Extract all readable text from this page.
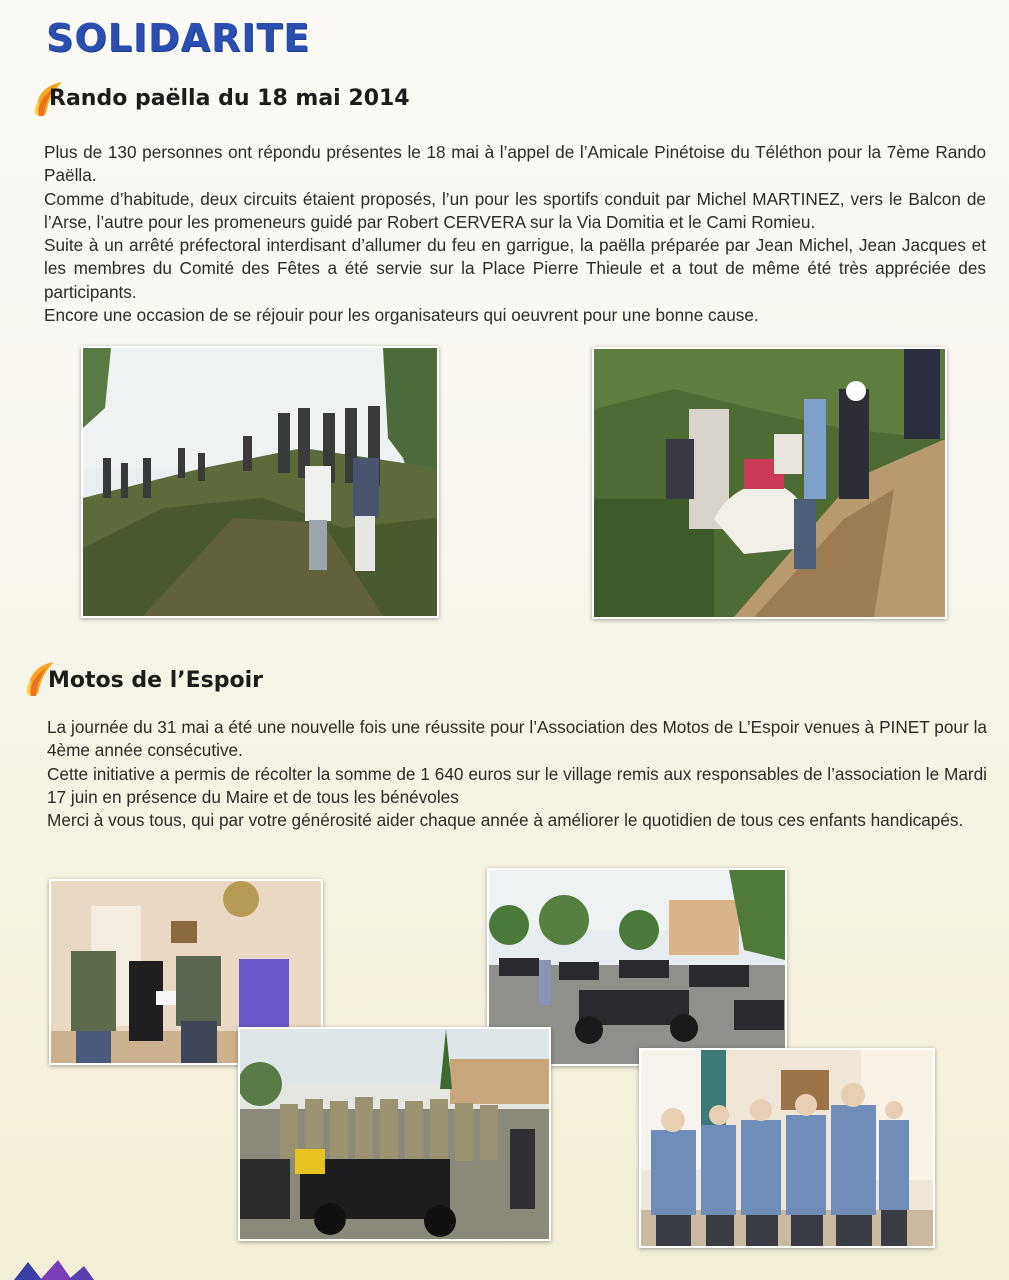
SOLIDARITE
Rando paëlla du 18 mai 2014

Plus de 130 personnes ont répondu présentes le 18 mai à l’appel de l’Amicale Pinétoise du Téléthon pour la 7ème Rando Paëlla.
Comme d’habitude, deux circuits étaient proposés, l’un pour les sportifs conduit par Michel MARTINEZ, vers le Balcon de l’Arse, l’autre pour les promeneurs guidé par Robert CERVERA sur la Via Domitia et le Cami Romieu.
Suite à un arrêté préfectoral interdisant d’allumer du feu en garrigue, la paëlla préparée par Jean Michel, Jean Jacques et les membres du Comité des Fêtes a été servie sur la Place Pierre Thieule et a tout de même été très appréciée des participants.
Encore une occasion de se réjouir pour les organisateurs qui oeuvrent pour une bonne cause.

Motos de l’Espoir

La journée du 31 mai a été une nouvelle fois une réussite pour l’Association des Motos de L’Espoir venues à PINET pour la 4ème année consécutive.
Cette initiative a permis de récolter la somme de 1 640 euros sur le village remis aux responsables de l’association le Mardi 17 juin en présence du Maire et de tous les bénévoles
Merci à vous tous, qui par votre générosité aider chaque année à améliorer le quotidien de tous ces enfants handicapés.
